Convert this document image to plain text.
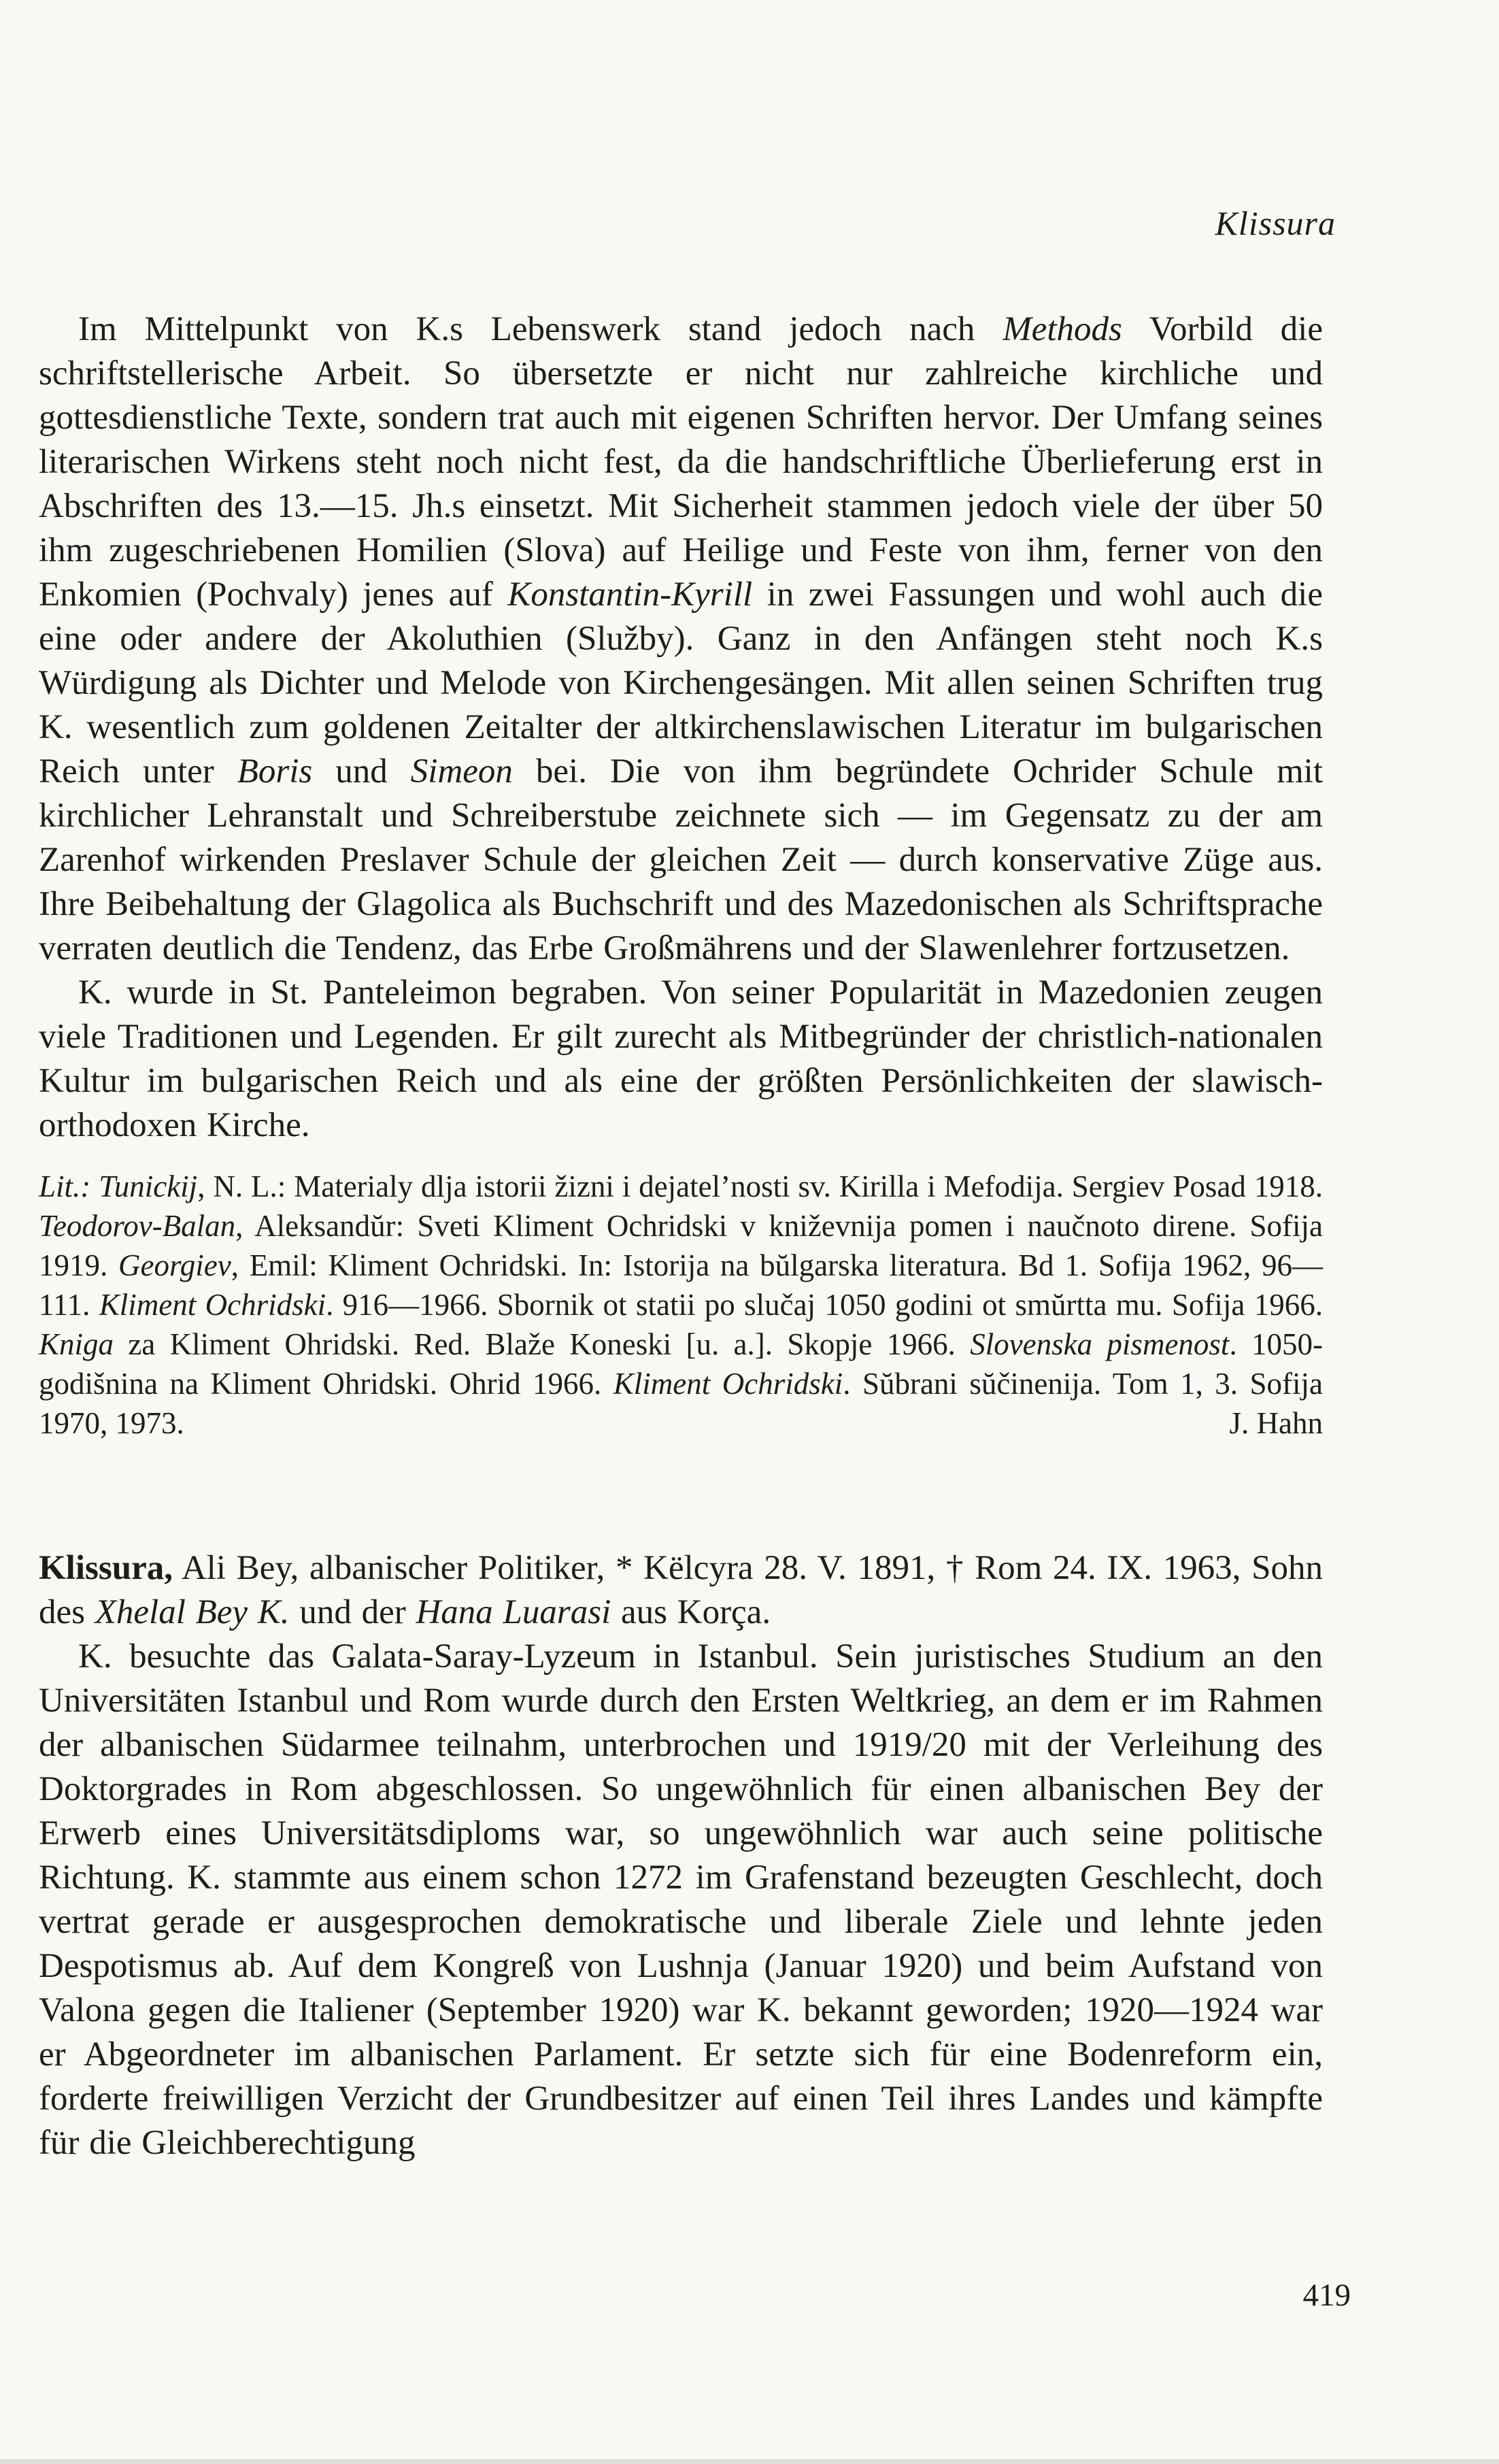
Klissura

Im Mittelpunkt von K.s Lebenswerk stand jedoch nach Methods Vorbild die schriftstellerische Arbeit. So übersetzte er nicht nur zahlreiche kirchliche und gottesdienstliche Texte, sondern trat auch mit eigenen Schriften hervor. Der Umfang seines literarischen Wirkens steht noch nicht fest, da die handschriftliche Überlieferung erst in Abschriften des 13.—15. Jh.s einsetzt. Mit Sicherheit stammen jedoch viele der über 50 ihm zugeschriebenen Homilien (Slova) auf Heilige und Feste von ihm, ferner von den Enkomien (Pochvaly) jenes auf Konstantin-Kyrill in zwei Fassungen und wohl auch die eine oder andere der Akoluthien (Služby). Ganz in den Anfängen steht noch K.s Würdigung als Dichter und Melode von Kirchengesängen. Mit allen seinen Schriften trug K. wesentlich zum goldenen Zeitalter der altkirchenslawischen Literatur im bulgarischen Reich unter Boris und Simeon bei. Die von ihm begründete Ochrider Schule mit kirchlicher Lehranstalt und Schreiberstube zeichnete sich — im Gegensatz zu der am Zarenhof wirkenden Preslaver Schule der gleichen Zeit — durch konservative Züge aus. Ihre Beibehaltung der Glagolica als Buchschrift und des Mazedonischen als Schriftsprache verraten deutlich die Tendenz, das Erbe Großmährens und der Slawenlehrer fortzusetzen.

K. wurde in St. Panteleimon begraben. Von seiner Popularität in Mazedonien zeugen viele Traditionen und Legenden. Er gilt zurecht als Mitbegründer der christlich-nationalen Kultur im bulgarischen Reich und als eine der größten Persönlichkeiten der slawisch-orthodoxen Kirche.

Lit.: Tunickij, N. L.: Materialy dlja istorii žizni i dejatel’nosti sv. Kirilla i Mefodija. Sergiev Posad 1918. Teodorov-Balan, Aleksandŭr: Sveti Kliment Ochridski v kniževnija pomen i naučnoto direne. Sofija 1919. Georgiev, Emil: Kliment Ochridski. In: Istorija na bŭlgarska literatura. Bd 1. Sofija 1962, 96—111. Kliment Ochridski. 916—1966. Sbornik ot statii po slučaj 1050 godini ot smŭrtta mu. Sofija 1966. Kniga za Kliment Ohridski. Red. Blaže Koneski [u. a.]. Skopje 1966. Slovenska pismenost. 1050-godišnina na Kliment Ohridski. Ohrid 1966. Kliment Ochridski. Sŭbrani sŭčinenija. Tom 1, 3. Sofija 1970, 1973.	J. Hahn

Klissura, Ali Bey, albanischer Politiker, * Këlcyra 28. V. 1891, † Rom 24. IX. 1963, Sohn des Xhelal Bey K. und der Hana Luarasi aus Korça.

K. besuchte das Galata-Saray-Lyzeum in Istanbul. Sein juristisches Studium an den Universitäten Istanbul und Rom wurde durch den Ersten Weltkrieg, an dem er im Rahmen der albanischen Südarmee teilnahm, unterbrochen und 1919/20 mit der Verleihung des Doktorgrades in Rom abgeschlossen. So ungewöhnlich für einen albanischen Bey der Erwerb eines Universitätsdiploms war, so ungewöhnlich war auch seine politische Richtung. K. stammte aus einem schon 1272 im Grafenstand bezeugten Geschlecht, doch vertrat gerade er ausgesprochen demokratische und liberale Ziele und lehnte jeden Despotismus ab. Auf dem Kongreß von Lushnja (Januar 1920) und beim Aufstand von Valona gegen die Italiener (September 1920) war K. bekannt geworden; 1920—1924 war er Abgeordneter im albanischen Parlament. Er setzte sich für eine Bodenreform ein, forderte freiwilligen Verzicht der Grundbesitzer auf einen Teil ihres Landes und kämpfte für die Gleichberechtigung

419
